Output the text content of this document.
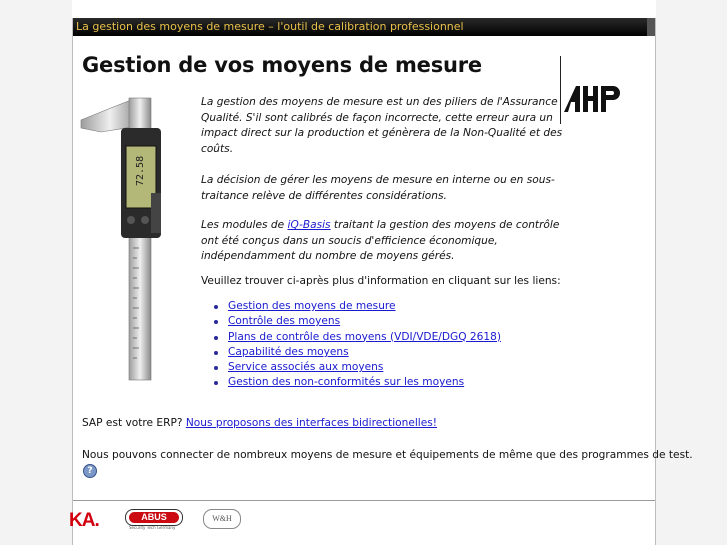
La gestion des moyens de mesure – l'outil de calibration professionnel
Gestion de vos moyens de mesure
72.58

La gestion des moyens de mesure est un des piliers de l'Assurance Qualité. S'il sont calibrés de façon incorrecte, cette erreur aura un impact direct sur la production et génèrera de la Non-Qualité et des coûts.

La décision de gérer les moyens de mesure en interne ou en sous-traitance relève de différentes considérations.

Les modules de iQ-Basis traitant la gestion des moyens de contrôle ont été conçus dans un soucis d'efficience économique, indépendamment du nombre de moyens gérés.
Veuillez trouver ci-après plus d'information en cliquant sur les liens:
Gestion des moyens de mesure
Contrôle des moyens
Plans de contrôle des moyens (VDI/VDE/DGQ 2618)
Capabilité des moyens
Service associés aux moyens
Gestion des non-conformités sur les moyens
SAP est votre ERP? Nous proposons des interfaces bidirectionelles!
Nous pouvons connecter de nombreux moyens de mesure et équipements de même que des programmes de test.
?
KA.	ABUS
Security Tech Germany
W&H
